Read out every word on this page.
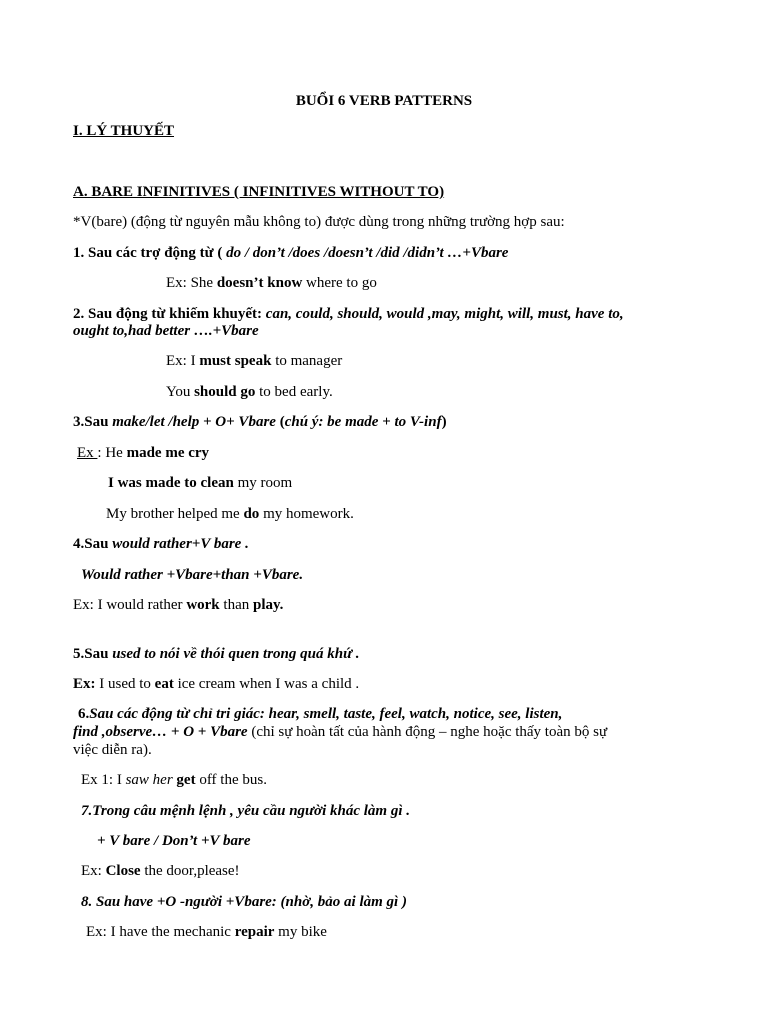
BUỔI 6 VERB PATTERNS
I. LÝ THUYẾT
A. BARE INFINITIVES ( INFINITIVES WITHOUT TO)
*V(bare) (động từ nguyên mẫu không to) được dùng trong những trường hợp sau:
1. Sau các trợ động từ ( do / don’t /does /doesn’t /did /didn’t …+Vbare
Ex: She doesn’t know where to go
2. Sau động từ khiếm khuyết: can, could, should, would ,may, might, will, must, have to,
ought to,had better ….+Vbare
Ex: I must speak to manager
You should go to bed early.
3.Sau make/let /help + O+ Vbare (chú ý: be made + to V-inf)
Ex : He made me cry
I was made to clean my room
My brother helped me do my homework.
4.Sau would rather+V bare .
Would rather +Vbare+than +Vbare.
Ex: I would rather work than play.
5.Sau used to nói về thói quen trong quá khứ .
Ex: I used to eat ice cream when I was a child .
6.Sau các động từ chỉ tri giác: hear, smell, taste, feel, watch, notice, see, listen,
find ,observe… + O + Vbare (chỉ sự hoàn tất của hành động – nghe hoặc thấy toàn bộ sự
việc diễn ra).
Ex 1: I saw her get off the bus.
7.Trong câu mệnh lệnh , yêu cầu người khác làm gì .
+ V bare / Don’t +V bare
Ex: Close the door,please!
8. Sau have +O -người +Vbare: (nhờ, bảo ai làm gì )
Ex: I have the mechanic repair my bike
